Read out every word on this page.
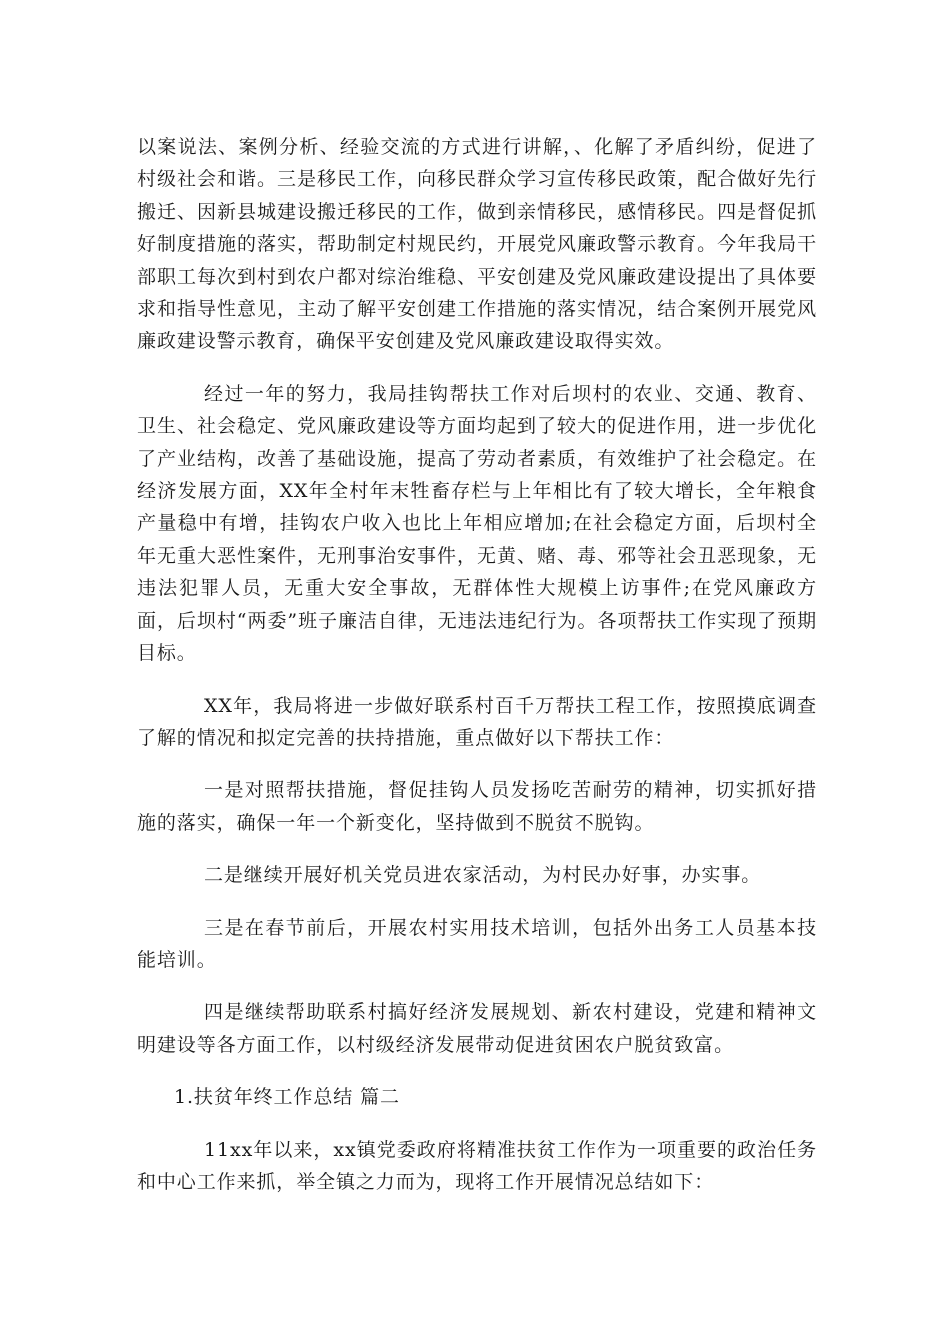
以案说法、案例分析、经验交流的方式进行讲解，、化解了矛盾纠纷，促进了村级社会和谐。三是移民工作，向移民群众学习宣传移民政策，配合做好先行搬迁、因新县城建设搬迁移民的工作，做到亲情移民，感情移民。四是督促抓好制度措施的落实，帮助制定村规民约，开展党风廉政警示教育。今年我局干部职工每次到村到农户都对综治维稳、平安创建及党风廉政建设提出了具体要求和指导性意见，主动了解平安创建工作措施的落实情况，结合案例开展党风廉政建设警示教育，确保平安创建及党风廉政建设取得实效。

经过一年的努力，我局挂钩帮扶工作对后坝村的农业、交通、教育、卫生、社会稳定、党风廉政建设等方面均起到了较大的促进作用，进一步优化了产业结构，改善了基础设施，提高了劳动者素质，有效维护了社会稳定。在经济发展方面，XX年全村年末牲畜存栏与上年相比有了较大增长，全年粮食产量稳中有增，挂钩农户收入也比上年相应增加;在社会稳定方面，后坝村全年无重大恶性案件，无刑事治安事件，无黄、赌、毒、邪等社会丑恶现象，无违法犯罪人员，无重大安全事故，无群体性大规模上访事件;在党风廉政方面，后坝村“两委”班子廉洁自律，无违法违纪行为。各项帮扶工作实现了预期目标。

XX年，我局将进一步做好联系村百千万帮扶工程工作，按照摸底调查了解的情况和拟定完善的扶持措施，重点做好以下帮扶工作：

一是对照帮扶措施，督促挂钩人员发扬吃苦耐劳的精神，切实抓好措施的落实，确保一年一个新变化，坚持做到不脱贫不脱钩。

二是继续开展好机关党员进农家活动，为村民办好事，办实事。

三是在春节前后，开展农村实用技术培训，包括外出务工人员基本技能培训。

四是继续帮助联系村搞好经济发展规划、新农村建设，党建和精神文明建设等各方面工作，以村级经济发展带动促进贫困农户脱贫致富。

1.扶贫年终工作总结 篇二

11xx年以来，xx镇党委政府将精准扶贫工作作为一项重要的政治任务和中心工作来抓，举全镇之力而为，现将工作开展情况总结如下：
